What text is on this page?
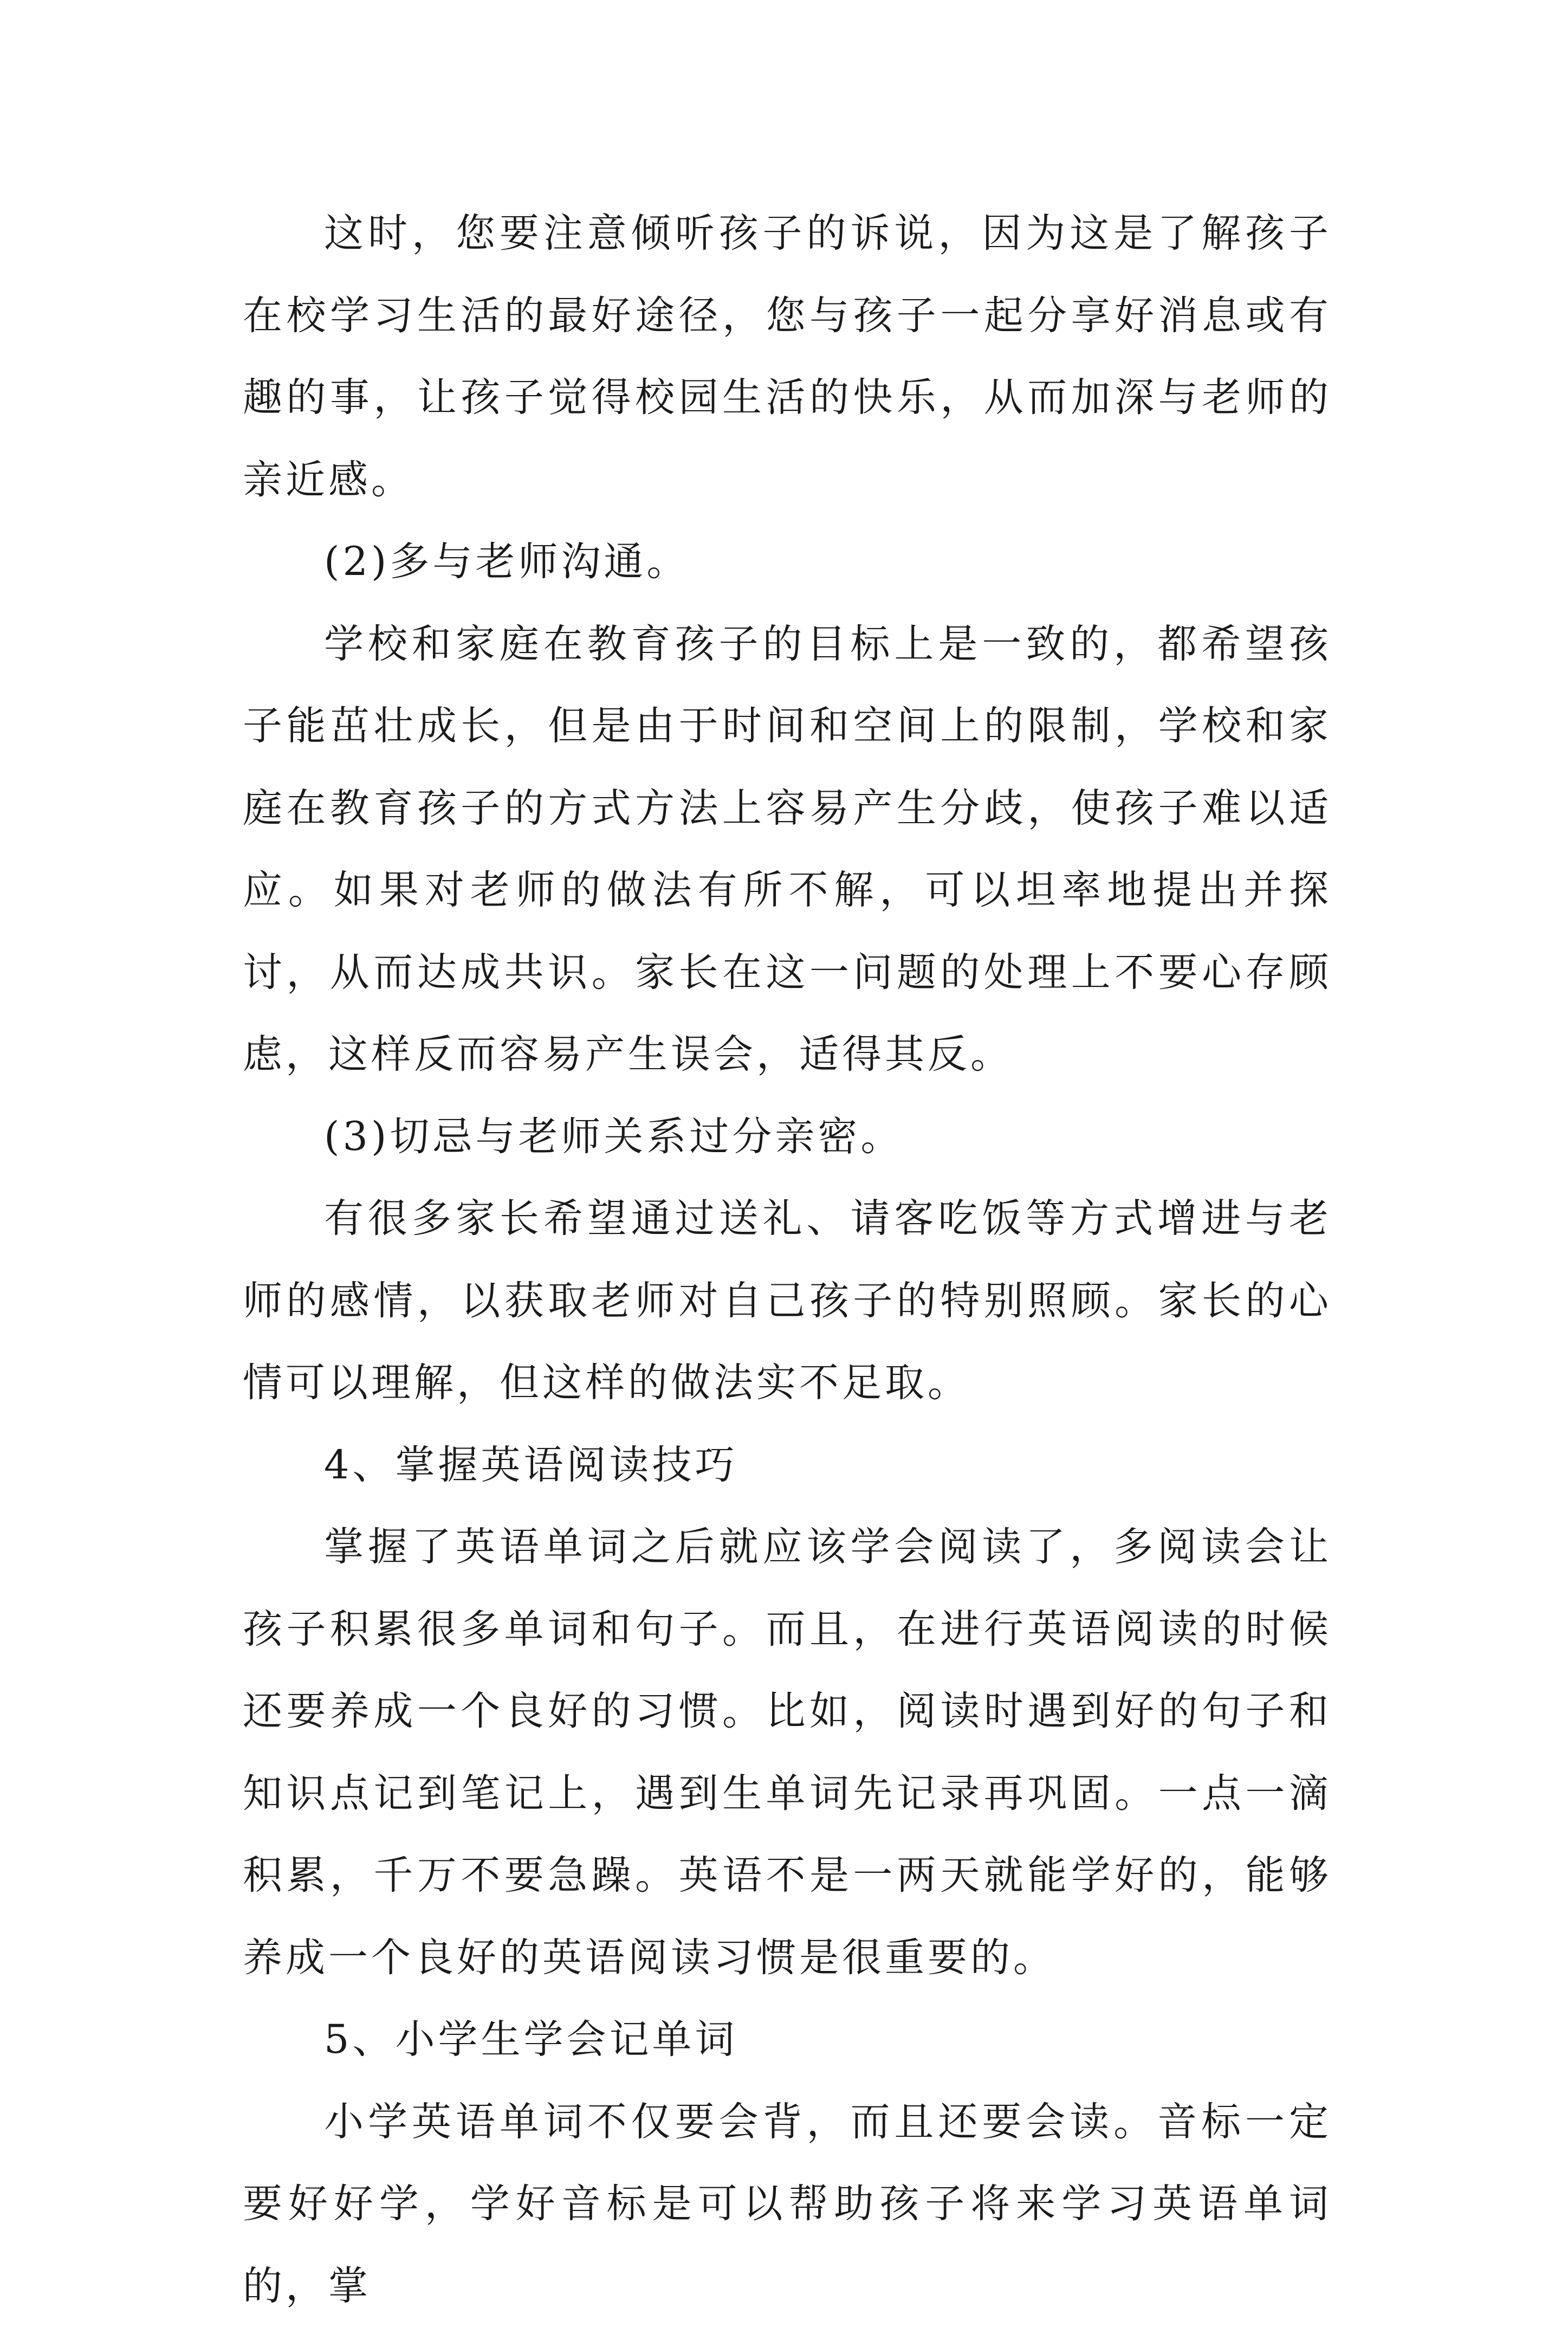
这时，您要注意倾听孩子的诉说，因为这是了解孩子在校学习生活的最好途径，您与孩子一起分享好消息或有趣的事，让孩子觉得校园生活的快乐，从而加深与老师的亲近感。

(2)多与老师沟通。

学校和家庭在教育孩子的目标上是一致的，都希望孩子能茁壮成长，但是由于时间和空间上的限制，学校和家庭在教育孩子的方式方法上容易产生分歧，使孩子难以适应。如果对老师的做法有所不解，可以坦率地提出并探讨，从而达成共识。家长在这一问题的处理上不要心存顾虑，这样反而容易产生误会，适得其反。

(3)切忌与老师关系过分亲密。

有很多家长希望通过送礼、请客吃饭等方式增进与老师的感情，以获取老师对自己孩子的特别照顾。家长的心情可以理解，但这样的做法实不足取。

4、掌握英语阅读技巧

掌握了英语单词之后就应该学会阅读了，多阅读会让孩子积累很多单词和句子。而且，在进行英语阅读的时候还要养成一个良好的习惯。比如，阅读时遇到好的句子和知识点记到笔记上，遇到生单词先记录再巩固。一点一滴积累，千万不要急躁。英语不是一两天就能学好的，能够养成一个良好的英语阅读习惯是很重要的。

5、小学生学会记单词

小学英语单词不仅要会背，而且还要会读。音标一定要好好学，学好音标是可以帮助孩子将来学习英语单词的，掌
